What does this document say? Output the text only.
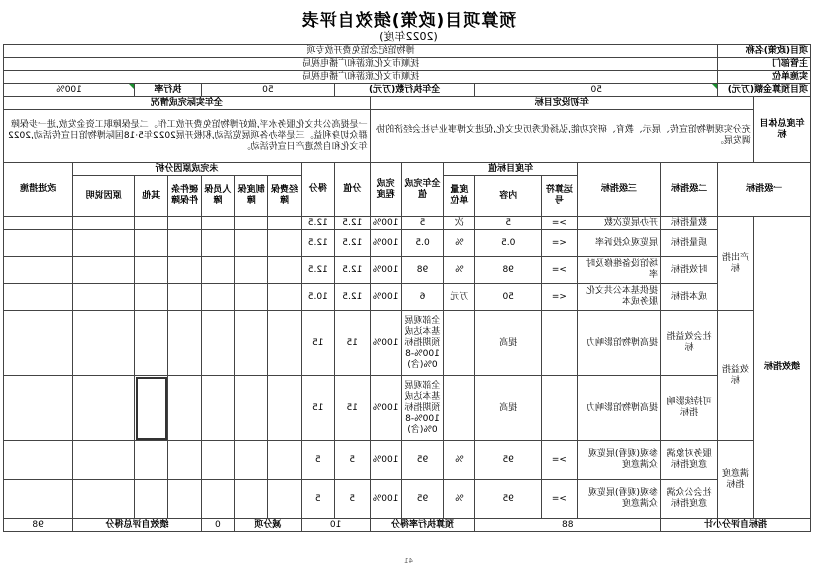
预算项目(政策)绩效自评表
(2022年度)
项目(政策)名称		博物馆纪念馆免费开放专项															
主管部门		抚顺市文化旅游和广播电视局															
实施单位		抚顺市文化旅游和广播电视局															
项目预算金额(万元)		50				全年执行数(万元)				50				执行率		100%	
年度总体目标	年初设定目标								全年实际完成情况								
	充分实现博物馆宣传、展示、教育、研究功能,弘扬优秀历史文化,促进文博事业与社会经济的协调发展。								一是提高公共文化服务水平,做好博物馆免费开放工作。二是保障职工资金发放,进一步保障群众切身利益。三是举办各项展览活动,积极开展2022年5·18国际博物馆日宣传活动,2022年文化和自然遗产日宣传活动。								
一级指标		二级指标	三级指标	年度目标值			全年完成值	完成程度	分值	得分	未完成原因分析						改进措施
				运算符号	内容	度量单位					经费保障	制度保障	人员保障	硬件条件保障	其他	原因说明	
绩效指标	产出指标	数量指标	开办展览次数	>=	5	次	5	100%	12.5	12.5							
		质量指标	展览观众投诉率	<=	0.5	%	0.5	100%	12.5	12.5							
		时效指标	场馆设备维修及时率	>=	98	%	98	100%	12.5	12.5							
		成本指标	提供基本公共文化服务成本	<=	50	万元	6	100%	12.5	10.5							
	效益指标	社会效益指标	提高博物馆影响力		提高		全部观展基本达成预期指标100%-80%(含)	100%	15	15							
		可持续影响指标	提高博物馆影响力		提高		全部观展基本达成预期指标100%-80%(含)	100%	15	15							
	满意度指标	服务对象满意度指标	参观(观看)展览观众满意度	>=	95	%	95	100%	5	5							
		社会公众满意度指标	参观(观看)展览观众满意度	>=	95	%	95	100%	5	5							
指标自评分小计			88			预算执行率得分			10		减分项		0	绩效自评总得分			98
41
